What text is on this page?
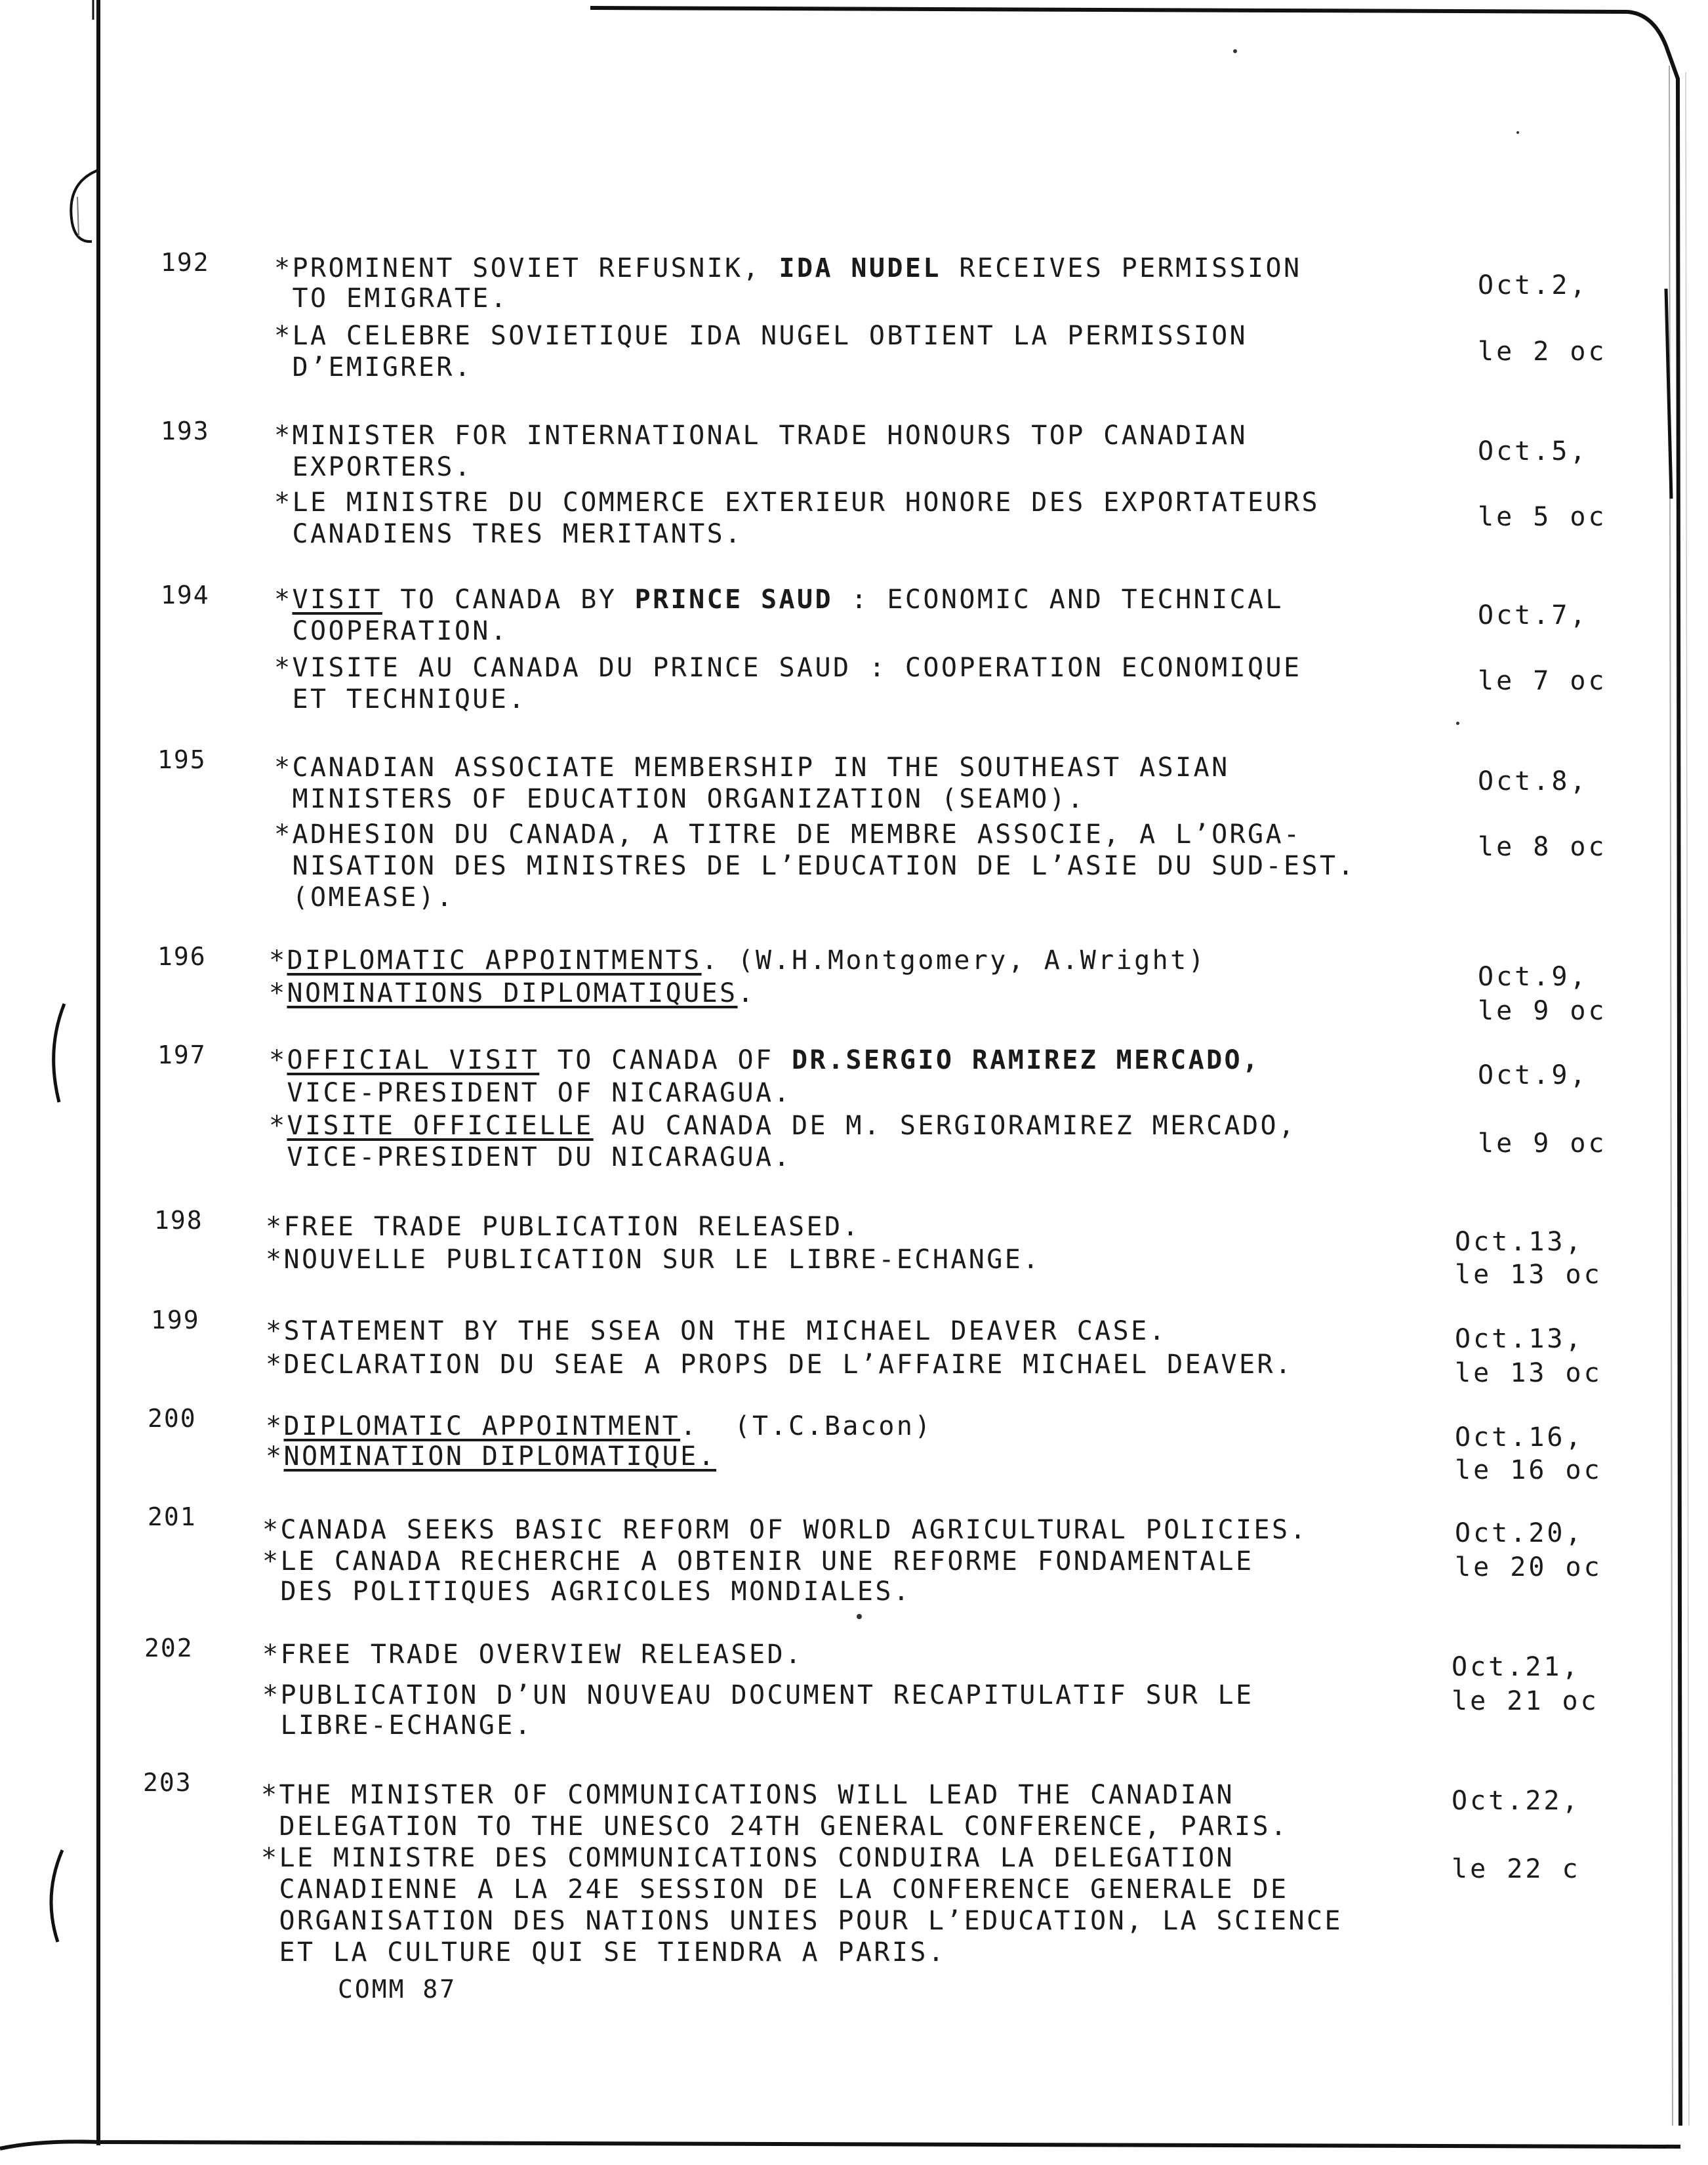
192 *PROMINENT SOVIET REFUSNIK, IDA NUDEL RECEIVES PERMISSION
TO EMIGRATE.
*LA CELEBRE SOVIETIQUE IDA NUGEL OBTIENT LA PERMISSION
D’EMIGRER.
Oct.2,
le 2 oc
193 *MINISTER FOR INTERNATIONAL TRADE HONOURS TOP CANADIAN
EXPORTERS.
*LE MINISTRE DU COMMERCE EXTERIEUR HONORE DES EXPORTATEURS
CANADIENS TRES MERITANTS.
Oct.5,
le 5 oc
194 *VISIT TO CANADA BY PRINCE SAUD : ECONOMIC AND TECHNICAL
COOPERATION.
*VISITE AU CANADA DU PRINCE SAUD : COOPERATION ECONOMIQUE
ET TECHNIQUE.
Oct.7,
le 7 oc
195	*CANADIAN ASSOCIATE MEMBERSHIP IN THE SOUTHEAST ASIAN
MINISTERS OF EDUCATION ORGANIZATION (SEAMO).
*ADHESION DU CANADA, A TITRE DE MEMBRE ASSOCIE, A L’ORGA-
NISATION DES MINISTRES DE L’EDUCATION DE L’ASIE DU SUD-EST.
(OMEASE).
Oct.8,
le 8 oc
196 *DIPLOMATIC APPOINTMENTS. (W.H.Montgomery, A.Wright)
*NOMINATIONS DIPLOMATIQUES.
Oct.9,
le 9 oc
197 *OFFICIAL VISIT TO CANADA OF DR.SERGIO RAMIREZ MERCADO,
VICE-PRESIDENT OF NICARAGUA.
*VISITE OFFICIELLE AU CANADA DE M. SERGIORAMIREZ MERCADO,
VICE-PRESIDENT DU NICARAGUA.
Oct.9,
le 9 oc
198 *FREE TRADE PUBLICATION RELEASED.
*NOUVELLE PUBLICATION SUR LE LIBRE-ECHANGE.
Oct.13,
le 13 oc
199	*STATEMENT BY THE SSEA ON THE MICHAEL DEAVER CASE.
*DECLARATION DU SEAE A PROPS DE L’AFFAIRE MICHAEL DEAVER.
Oct.13,
le 13 oc
200	*DIPLOMATIC APPOINTMENT.  (T.C.Bacon)
*NOMINATION DIPLOMATIQUE.
Oct.16,
le 16 oc
201	*CANADA SEEKS BASIC REFORM OF WORLD AGRICULTURAL POLICIES.
*LE CANADA RECHERCHE A OBTENIR UNE REFORME FONDAMENTALE
DES POLITIQUES AGRICOLES MONDIALES.
Oct.20,
le 20 oc
202	*FREE TRADE OVERVIEW RELEASED.
*PUBLICATION D’UN NOUVEAU DOCUMENT RECAPITULATIF SUR LE
LIBRE-ECHANGE.
Oct.21,
le 21 oc
203	*THE MINISTER OF COMMUNICATIONS WILL LEAD THE CANADIAN
DELEGATION TO THE UNESCO 24TH GENERAL CONFERENCE, PARIS.
*LE MINISTRE DES COMMUNICATIONS CONDUIRA LA DELEGATION
CANADIENNE A LA 24E SESSION DE LA CONFERENCE GENERALE DE
ORGANISATION DES NATIONS UNIES POUR L’EDUCATION, LA SCIENCE
ET LA CULTURE QUI SE TIENDRA A PARIS.
Oct.22,
le 22 c
COMM 87
